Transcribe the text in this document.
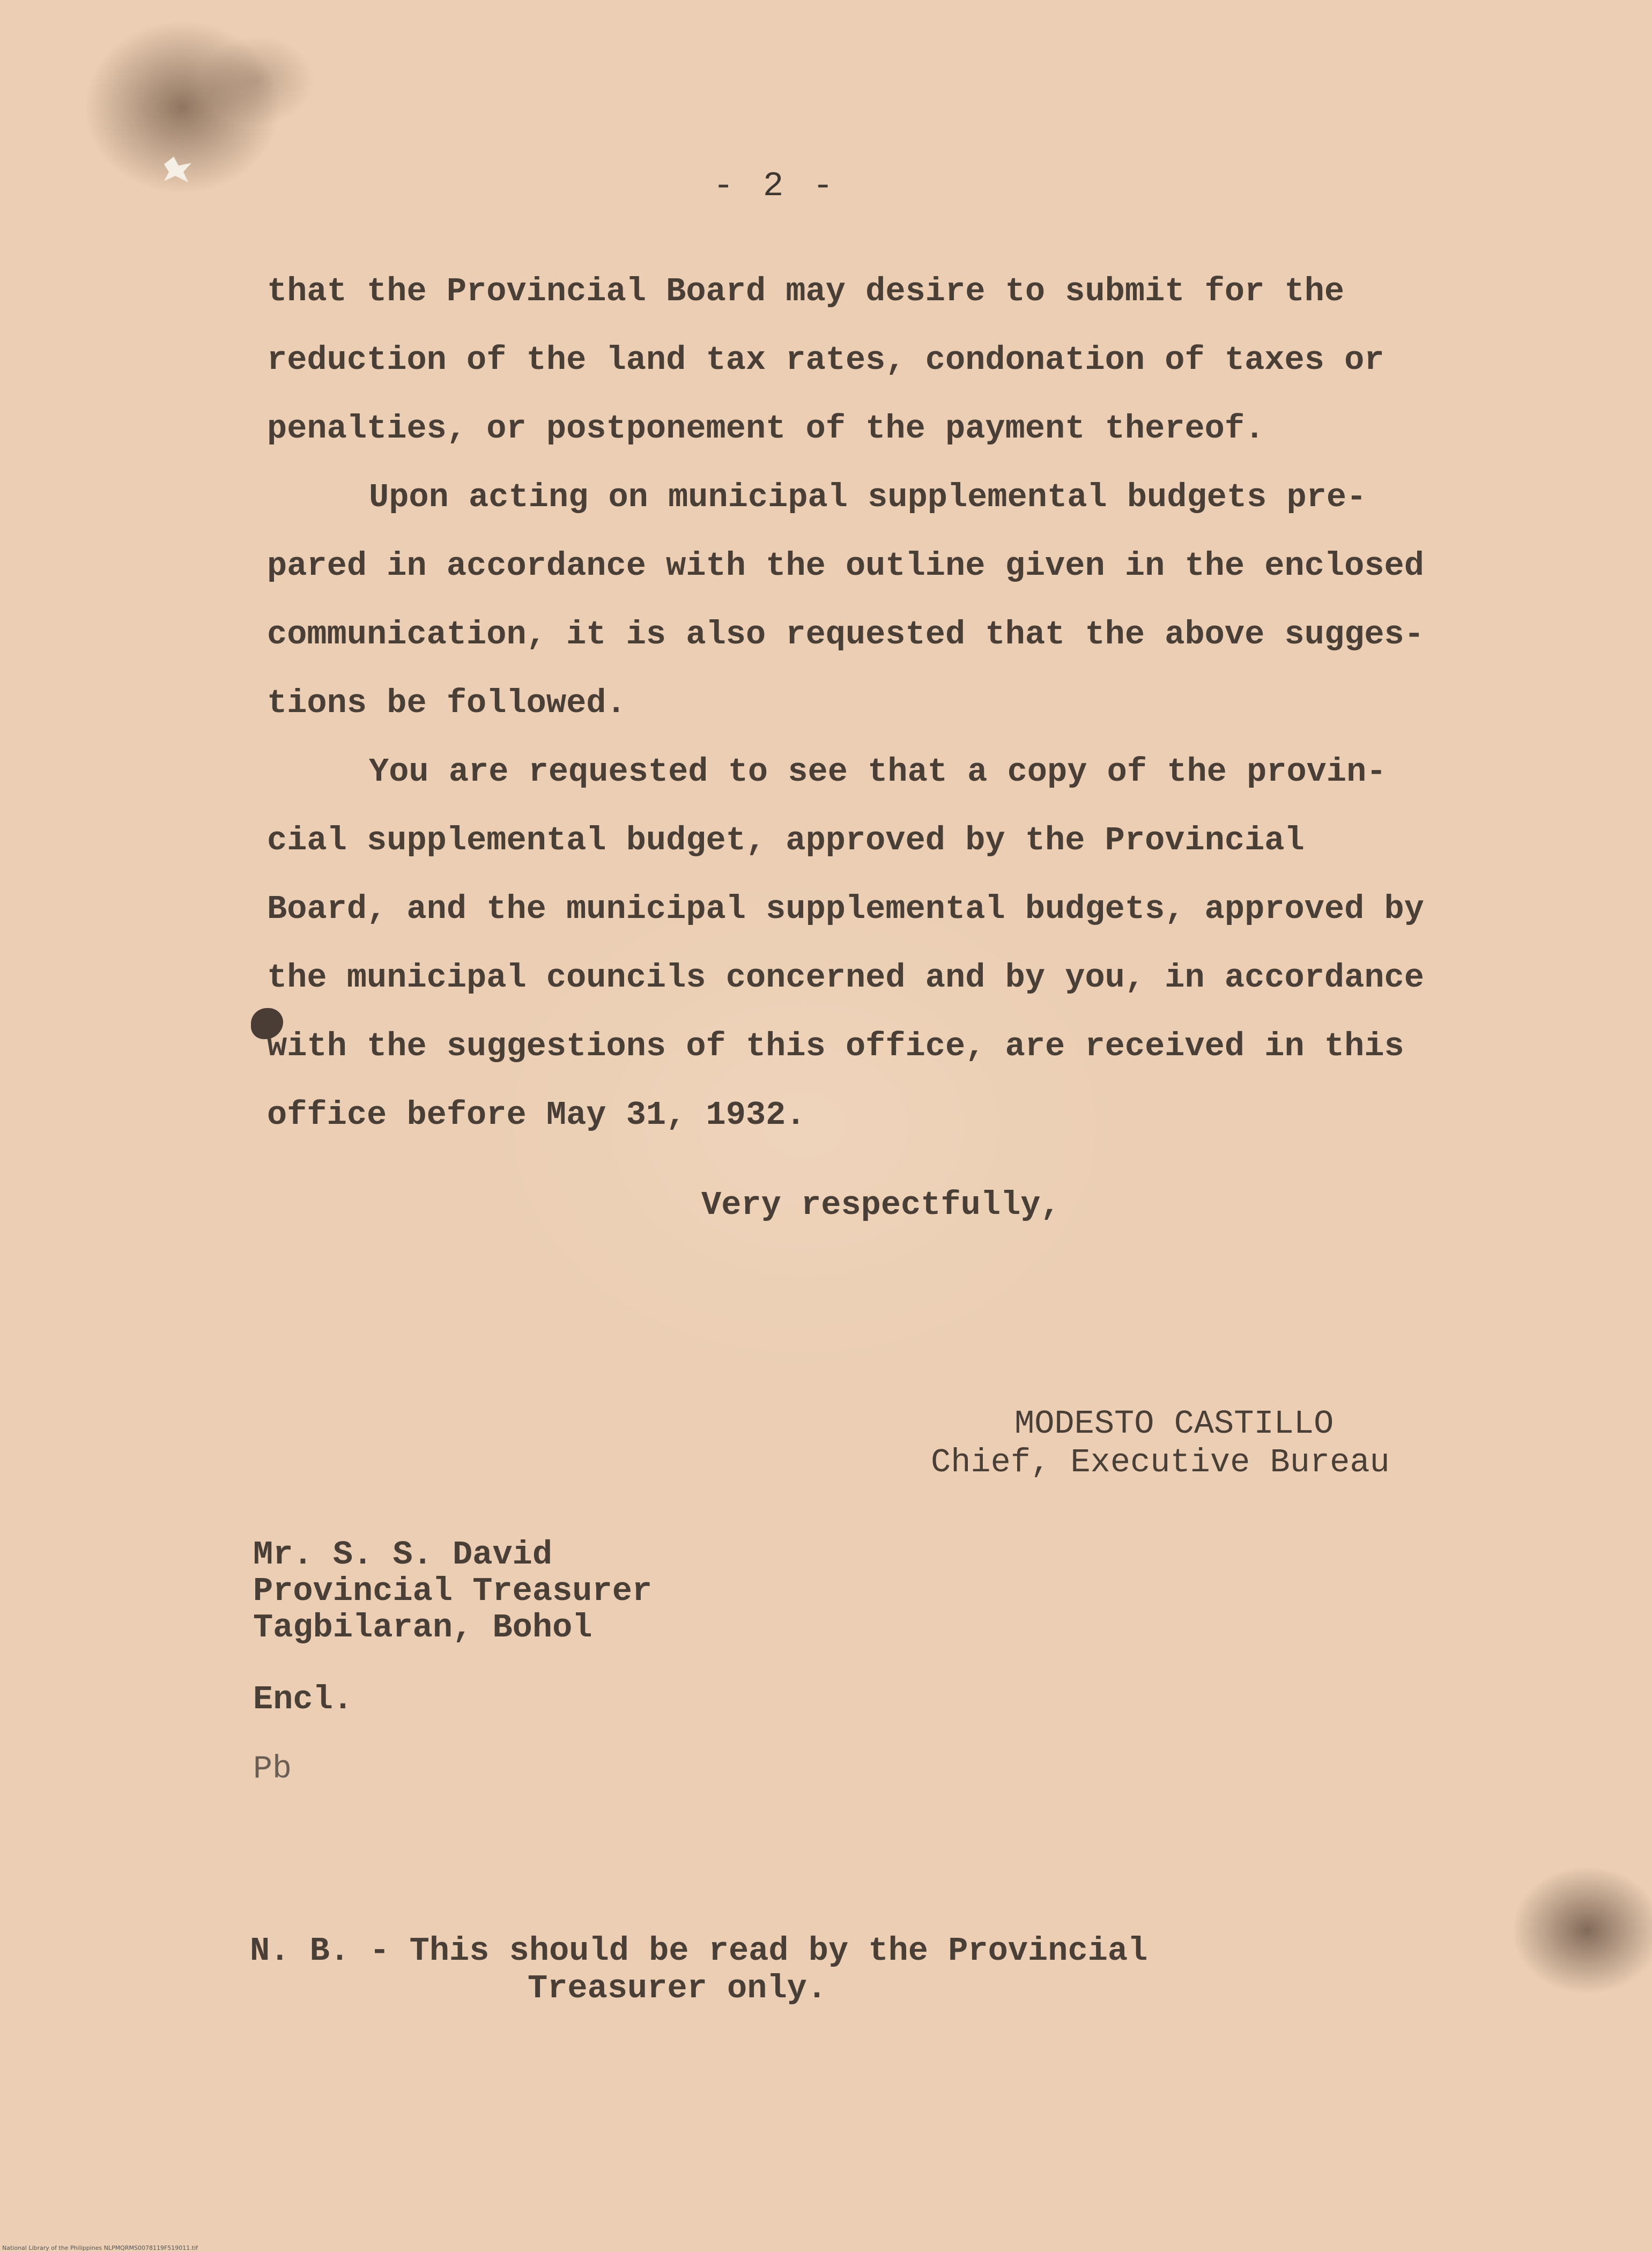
- 2 -
that the Provincial Board may desire to submit for the
reduction of the land tax rates, condonation of taxes or
penalties, or postponement of the payment thereof.
Upon acting on municipal supplemental budgets pre-
pared in accordance with the outline given in the enclosed
communication, it is also requested that the above sugges-
tions be followed.
You are requested to see that a copy of the provin-
cial supplemental budget, approved by the Provincial
Board, and the municipal supplemental budgets, approved by
the municipal councils concerned and by you, in accordance
with the suggestions of this office, are received in this
office before May 31, 1932.
Very respectfully,
MODESTO CASTILLO
Chief, Executive Bureau
Mr. S. S. David
Provincial Treasurer
Tagbilaran, Bohol
Encl.
Pb
N. B. - This should be read by the Provincial
Treasurer only.
National Library of the Philippines NLPMQRMS0078119F519011.tif
